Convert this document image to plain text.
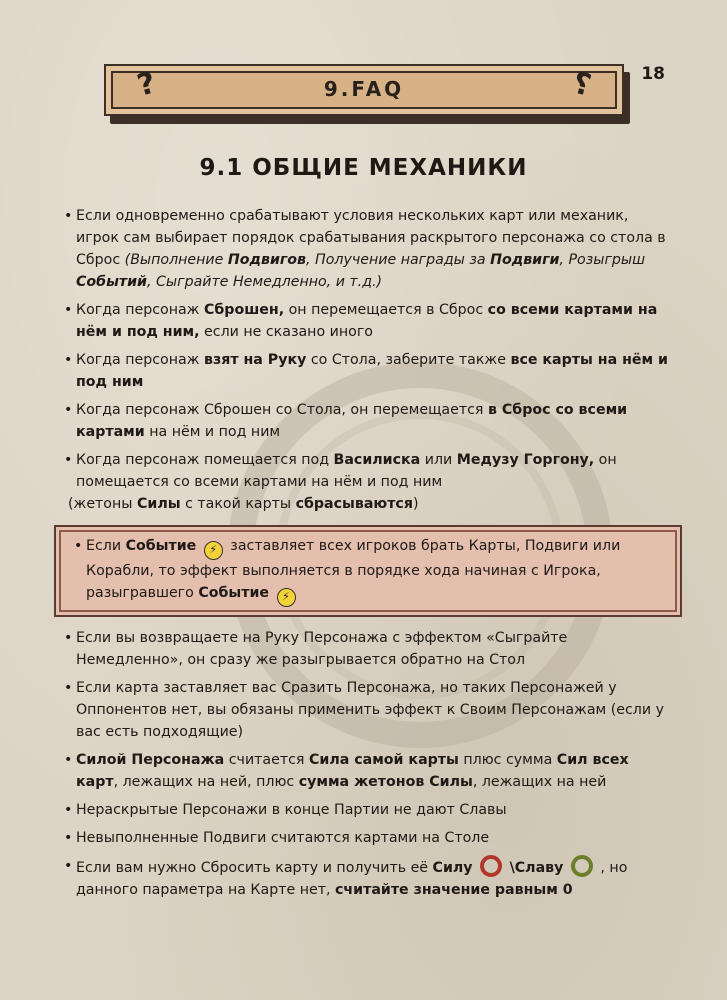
18
?	9.FAQ	?
9.1 ОБЩИЕ МЕХАНИКИ
• Если одновременно срабатывают условия нескольких карт или механик, игрок сам выбирает порядок срабатывания раскрытого персонажа со стола в Сброс (Выполнение Подвигов, Получение награды за Подвиги, Розыгрыш Событий, Сыграйте Немедленно, и т.д.)
• Когда персонаж Сброшен, он перемещается в Сброс со всеми картами на нём и под ним, если не сказано иного
• Когда персонаж взят на Руку со Стола, заберите также все карты на нём и под ним
• Когда персонаж Сброшен со Стола, он перемещается в Сброс со всеми картами на нём и под ним
• Когда персонаж помещается под Василиска или Медузу Горгону, он помещается со всеми картами на нём и под ним
(жетоны Силы с такой карты сбрасываются)
• Если Событие ⚡ заставляет всех игроков брать Карты, Подвиги или Корабли, то эффект выполняется в порядке хода начиная с Игрока, разыгравшего Событие ⚡
• Если вы возвращаете на Руку Персонажа с эффектом «Сыграйте Немедленно», он сразу же разыгрывается обратно на Стол
• Если карта заставляет вас Сразить Персонажа, но таких Персонажей у Оппонентов нет, вы обязаны применить эффект к Своим Персонажам (если у вас есть подходящие)
• Силой Персонажа считается Сила самой карты плюс сумма Сил всех карт, лежащих на ней, плюс сумма жетонов Силы, лежащих на ней
• Нераскрытые Персонажи в конце Партии не дают Славы
• Невыполненные Подвиги считаются картами на Столе
• Если вам нужно Сбросить карту и получить её Силу	\Славу  , но данного параметра на Карте нет, считайте значение равным 0
